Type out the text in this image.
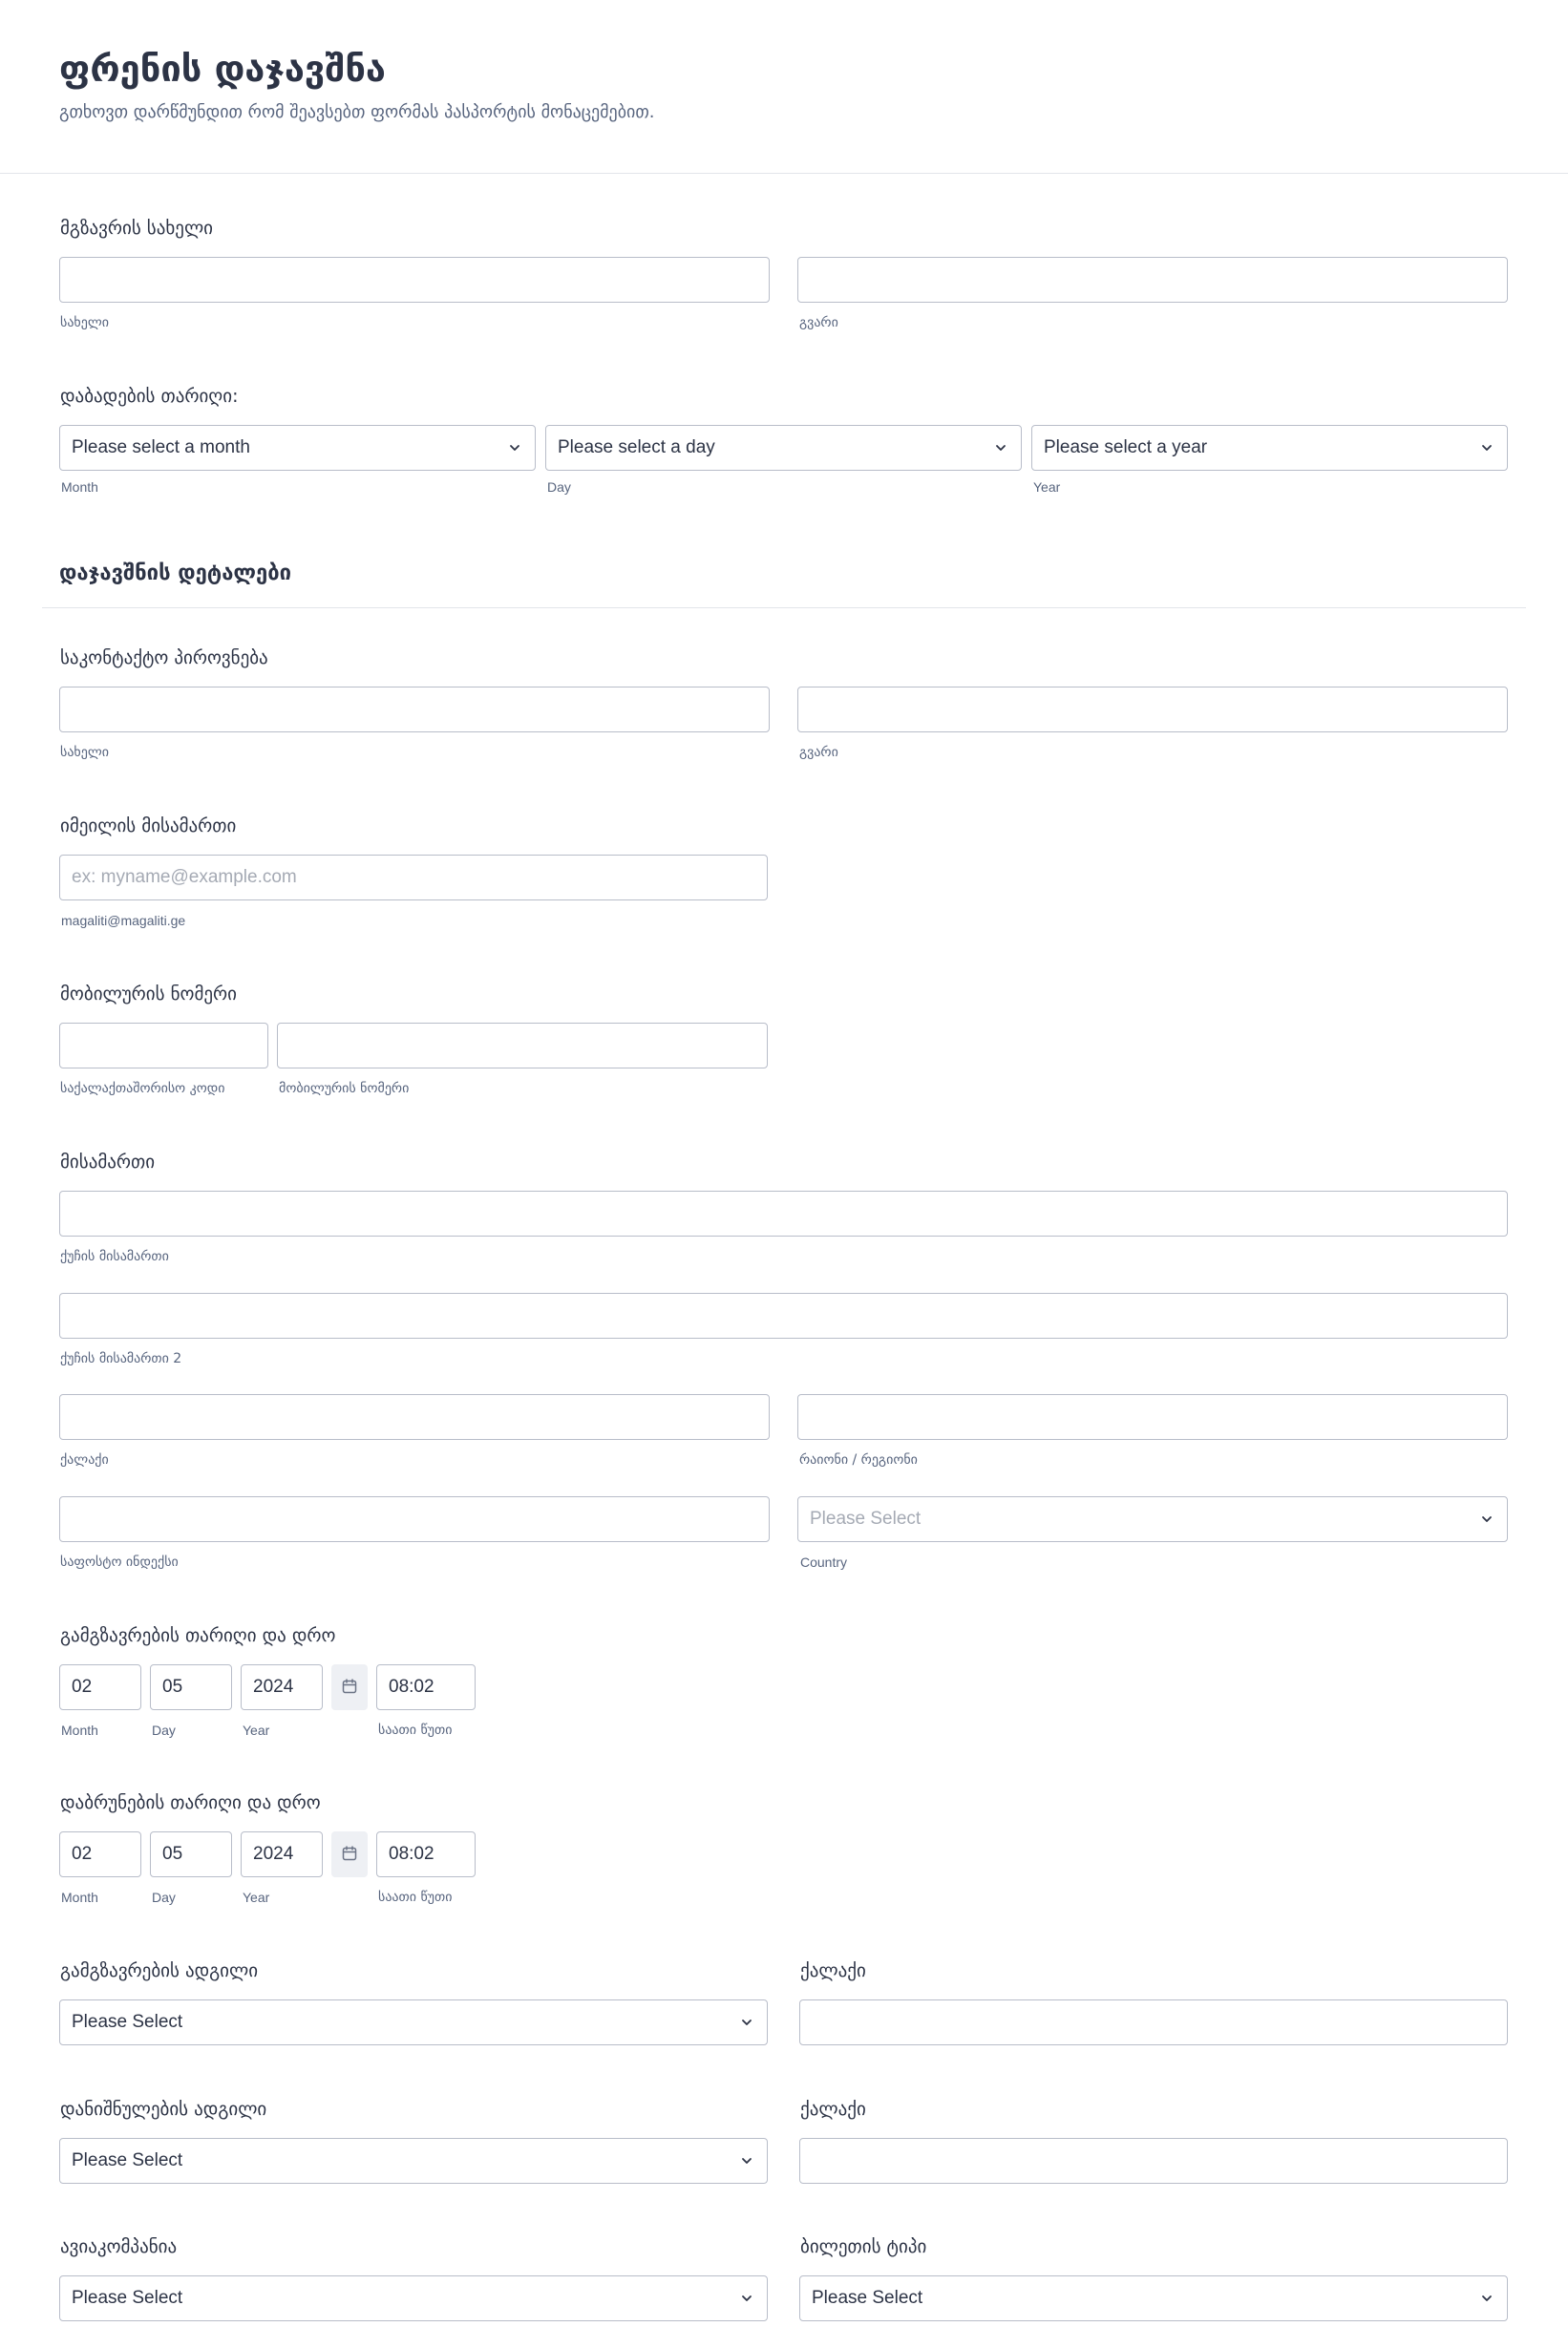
ფრენის დაჯავშნა
გთხოვთ დარწმუნდით რომ შეავსებთ ფორმას პასპორტის მონაცემებით.
მგზავრის სახელი
სახელი	გვარი
დაბადების თარიღი:
Please select a month	Please select a day	Please select a year
Month	Day	Year
დაჯავშნის დეტალები
საკონტაქტო პიროვნება
სახელი	გვარი
იმეილის მისამართი
ex: myname@example.com
magaliti@magaliti.ge
მობილურის ნომერი
საქალაქთაშორისო კოდი	მობილურის ნომერი
მისამართი
ქუჩის მისამართი
ქუჩის მისამართი 2
ქალაქი	რაიონი / რეგიონი
Please Select
საფოსტო ინდექსი	Country
გამგზავრების თარიღი და დრო
02	05	2024	08:02
Month	Day	Year	საათი წუთი
დაბრუნების თარიღი და დრო
02	05	2024	08:02
Month	Day	Year	საათი წუთი
გამგზავრების ადგილი
Please Select
ქალაქი
დანიშნულების ადგილი
Please Select
ქალაქი
ავიაკომპანია
Please Select
ბილეთის ტიპი
Please Select
